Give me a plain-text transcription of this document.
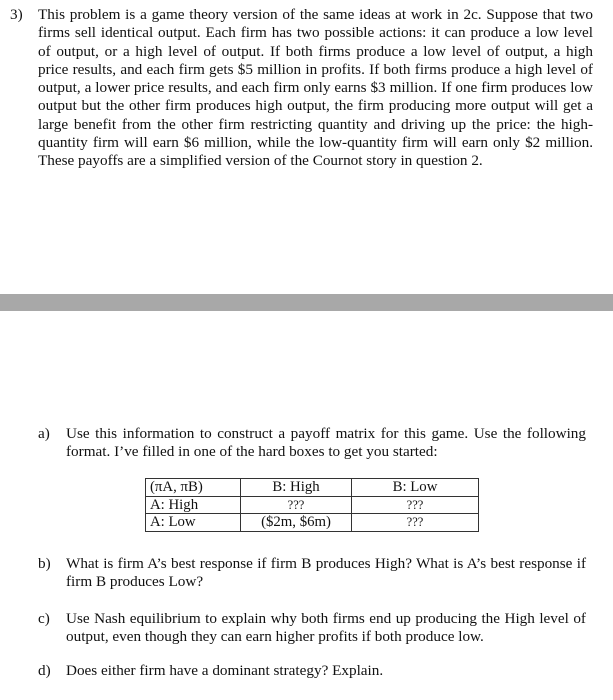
3) This problem is a game theory version of the same ideas at work in 2c. Suppose that two firms sell identical output. Each firm has two possible actions: it can produce a low level of output, or a high level of output. If both firms produce a low level of output, a high price results, and each firm gets $5 million in profits. If both firms produce a high level of output, a lower price results, and each firm only earns $3 million. If one firm produces low output but the other firm produces high output, the firm producing more output will get a large benefit from the other firm restricting quantity and driving up the price: the high-quantity firm will earn $6 million, while the low-quantity firm will earn only $2 million. These payoffs are a simplified version of the Cournot story in question 2.
a) Use this information to construct a payoff matrix for this game. Use the following format. I’ve filled in one of the hard boxes to get you started:
(πA, πB)	B: High	B: Low
A: High	???	???
A: Low	($2m, $6m)	???
b) What is firm A’s best response if firm B produces High? What is A’s best response if firm B produces Low?
c) Use Nash equilibrium to explain why both firms end up producing the High level of output, even though they can earn higher profits if both produce low.
d) Does either firm have a dominant strategy? Explain.
